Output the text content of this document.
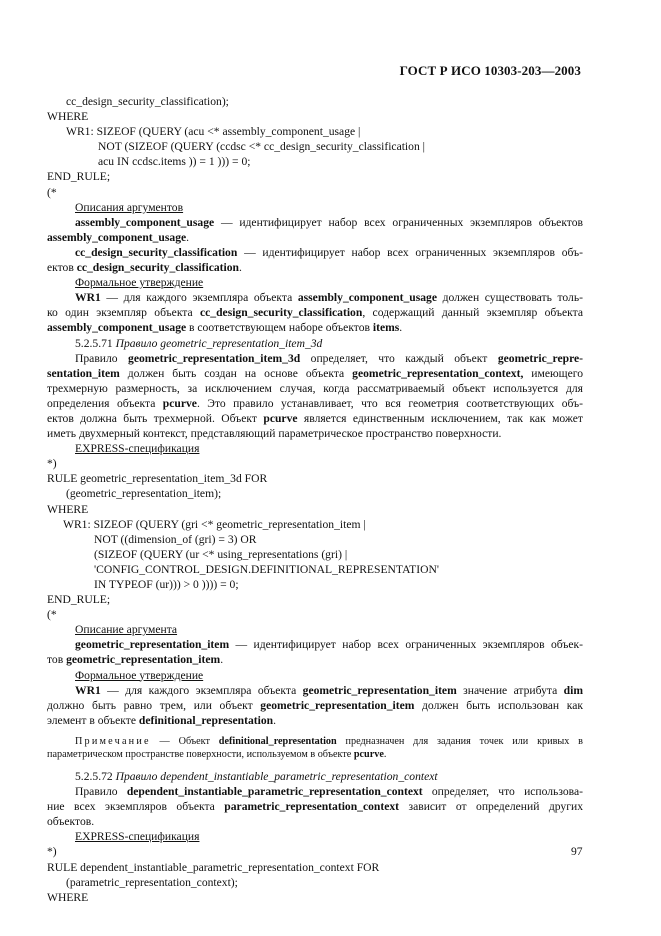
ГОСТ Р ИСО 10303-203—2003
cc_design_security_classification);
WHERE
WR1: SIZEOF (QUERY (acu <* assembly_component_usage |
NOT (SIZEOF (QUERY (ccdsc <* cc_design_security_classification |
acu IN ccdsc.items )) = 1 ))) = 0;
END_RULE;
(*
Описания аргументов
assembly_component_usage — идентифицирует набор всех ограниченных экземпляров объектов
assembly_component_usage.
cc_design_security_classification — идентифицирует набор всех ограниченных экземпляров объ-
ектов cc_design_security_classification.
Формальное утверждение
WR1 — для каждого экземпляра объекта assembly_component_usage должен существовать толь-
ко один экземпляр объекта cc_design_security_classification, содержащий данный экземпляр объекта
assembly_component_usage в соответствующем наборе объектов items.
5.2.5.71 Правило geometric_representation_item_3d
Правило geometric_representation_item_3d определяет, что каждый объект geometric_repre-
sentation_item должен быть создан на основе объекта geometric_representation_context, имеющего
трехмерную размерность, за исключением случая, когда рассматриваемый объект используется для
определения объекта pcurve. Это правило устанавливает, что вся геометрия соответствующих объ-
ектов должна быть трехмерной. Объект pcurve является единственным исключением, так как может
иметь двухмерный контекст, представляющий параметрическое пространство поверхности.
EXPRESS-спецификация
*)
RULE geometric_representation_item_3d FOR
(geometric_representation_item);
WHERE
WR1: SIZEOF (QUERY (gri <* geometric_representation_item |
NOT ((dimension_of (gri) = 3) OR
(SIZEOF (QUERY (ur <* using_representations (gri) |
'CONFIG_CONTROL_DESIGN.DEFINITIONAL_REPRESENTATION'
IN TYPEOF (ur))) > 0 )))) = 0;
END_RULE;
(*
Описание аргумента
geometric_representation_item — идентифицирует набор всех ограниченных экземпляров объек-
тов geometric_representation_item.
Формальное утверждение
WR1 — для каждого экземпляра объекта geometric_representation_item значение атрибута dim
должно быть равно трем, или объект geometric_representation_item должен быть использован как
элемент в объекте definitional_representation.
Примечание — Объект definitional_representation предназначен для задания точек или кривых в
параметрическом пространстве поверхности, используемом в объекте pcurve.
5.2.5.72 Правило dependent_instantiable_parametric_representation_context
Правило dependent_instantiable_parametric_representation_context определяет, что использова-
ние всех экземпляров объекта parametric_representation_context зависит от определений других
объектов.
EXPRESS-спецификация
*)
RULE dependent_instantiable_parametric_representation_context FOR
(parametric_representation_context);
WHERE
97
